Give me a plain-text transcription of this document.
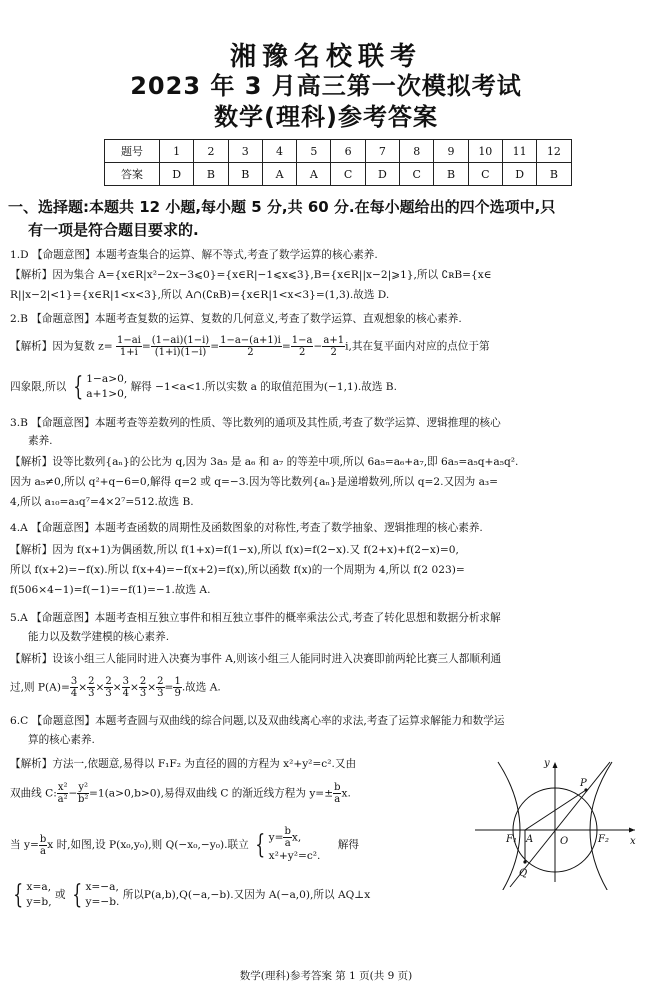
湘豫名校联考
2023 年 3 月高三第一次模拟考试
数学(理科)参考答案
题号	1	2	3	4	5	6	7	8	9	10	11	12
答案	D	B	B	A	A	C	D	C	B	C	D	B
一、选择题:本题共 12 小题,每小题 5 分,共 60 分.在每小题给出的四个选项中,只
有一项是符合题目要求的.
1.D 【命题意图】本题考查集合的运算、解不等式,考查了数学运算的核心素养.
【解析】因为集合 A={x∈R|x²−2x−3⩽0}={x∈R|−1⩽x⩽3},B={x∈R||x−2|⩾1},所以 ∁ʀB={x∈
R||x−2|<1}={x∈R|1<x<3},所以 A∩(∁ʀB)={x∈R|1<x<3}=(1,3).故选 D.
2.B 【命题意图】本题考查复数的运算、复数的几何意义,考查了数学运算、直观想象的核心素养.
【解析】因为复数 $z= \frac{1-ai}{1+i} = \frac{(1-ai)(1-i)}{(1+i)(1-i)} = \frac{1-a-(a+1)i}{2} = \frac{1-a}{2} - \frac{a+1}{2} i$,其在复平面内对应的点位于第
四象限,所以 { 1−a>0,
a+1>0,
解得 −1<a<1.所以实数 a 的取值范围为(−1,1).故选 B.
3.B 【命题意图】本题考查等差数列的性质、等比数列的通项及其性质,考查了数学运算、逻辑推理的核心
素养.
【解析】设等比数列{aₙ}的公比为 q,因为 3a₅ 是 a₆ 和 a₇ 的等差中项,所以 6a₅=a₆+a₇,即 6a₅=a₅q+a₅q².
因为 a₅≠0,所以 q²+q−6=0,解得 q=2 或 q=−3.因为等比数列{aₙ}是递增数列,所以 q=2.又因为 a₃=
4,所以 a₁₀=a₃q⁷=4×2⁷=512.故选 B.
4.A 【命题意图】本题考查函数的周期性及函数图象的对称性,考查了数学抽象、逻辑推理的核心素养.
【解析】因为 f(x+1)为偶函数,所以 f(1+x)=f(1−x),所以 f(x)=f(2−x).又 f(2+x)+f(2−x)=0,
所以 f(x+2)=−f(x).所以 f(x+4)=−f(x+2)=f(x),所以函数 f(x)的一个周期为 4,所以 f(2 023)=
f(506×4−1)=f(−1)=−f(1)=−1.故选 A.
5.A 【命题意图】本题考查相互独立事件和相互独立事件的概率乘法公式,考查了转化思想和数据分析求解
能力以及数学建模的核心素养.
【解析】设该小组三人能同时进入决赛为事件 A,则该小组三人能同时进入决赛即前两轮比赛三人都顺利通
过,则 $P(A)= \frac{3}{4} \times \frac{2}{3} \times \frac{2}{3} \times \frac{3}{4} \times \frac{2}{3} \times \frac{2}{3} = \frac{1}{9}$ .故选 A.
6.C 【命题意图】本题考查圆与双曲线的综合问题,以及双曲线离心率的求法,考查了运算求解能力和数学运
算的核心素养.
【解析】方法一,依题意,易得以 F₁F₂ 为直径的圆的方程为 x²+y²=c².又由
双曲线 C: $\frac{\text{x²}}{\text{a²}} - \frac{\text{y²}}{\text{b²}} =1(a>0,b>0)$,易得双曲线 C 的渐近线方程为 $y=\pm \frac{b}{a} x$.
当 $y= \frac{b}{a}$ x 时,如图,设 P(x₀,y₀),则 Q(−x₀,−y₀).联立 { $y= \frac{b}{a} x$,
x²+y²=c².
解得
{ x=a,
y=b,
或 { x=−a,
y=−b.
所以P(a,b),Q(−a,−b).又因为 A(−a,0),所以 AQ⊥x
y
x
P
Q
O
A
F₁	F₂
数学(理科)参考答案 第 1 页(共 9 页)
